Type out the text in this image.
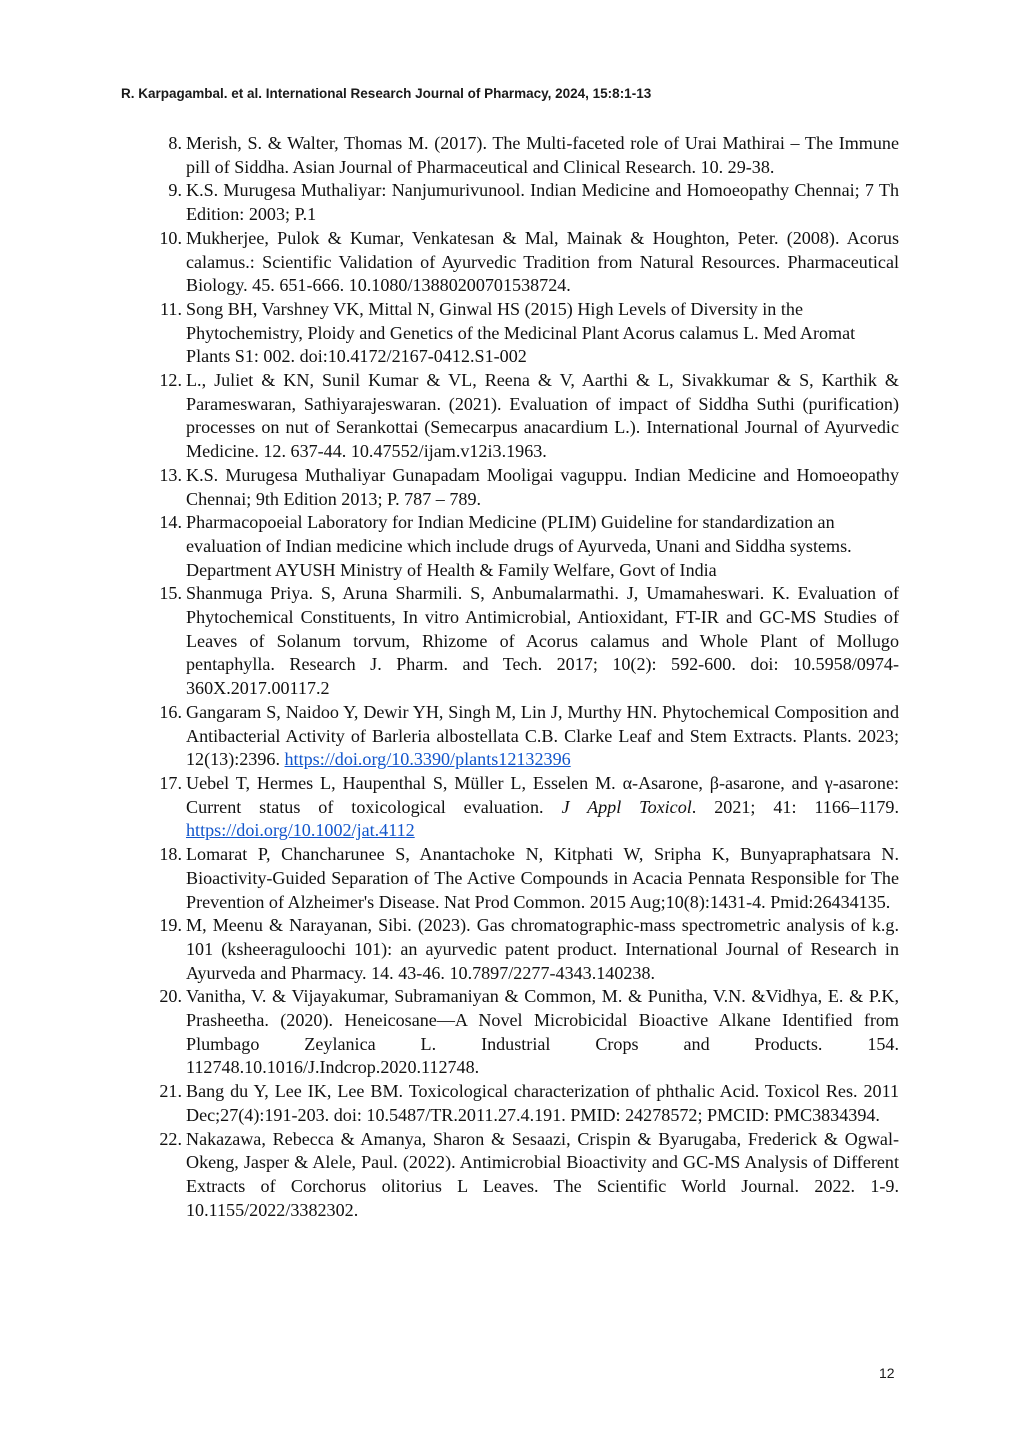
R. Karpagambal. et al. International Research Journal of Pharmacy, 2024, 15:8:1-13
8. Merish, S. & Walter, Thomas M. (2017). The Multi-faceted role of Urai Mathirai – The Immune pill of Siddha. Asian Journal of Pharmaceutical and Clinical Research. 10. 29-38.
9. K.S. Murugesa Muthaliyar: Nanjumurivunool. Indian Medicine and Homoeopathy Chennai; 7 Th Edition: 2003; P.1
10. Mukherjee, Pulok & Kumar, Venkatesan & Mal, Mainak & Houghton, Peter. (2008). Acorus calamus.: Scientific Validation of Ayurvedic Tradition from Natural Resources. Pharmaceutical Biology. 45. 651-666. 10.1080/13880200701538724.
11. Song BH, Varshney VK, Mittal N, Ginwal HS (2015) High Levels of Diversity in the Phytochemistry, Ploidy and Genetics of the Medicinal Plant Acorus calamus L. Med Aromat Plants S1: 002. doi:10.4172/2167-0412.S1-002
12. L., Juliet & KN, Sunil Kumar & VL, Reena & V, Aarthi & L, Sivakkumar & S, Karthik & Parameswaran, Sathiyarajeswaran. (2021). Evaluation of impact of Siddha Suthi (purification) processes on nut of Serankottai (Semecarpus anacardium L.). International Journal of Ayurvedic Medicine. 12. 637-44. 10.47552/ijam.v12i3.1963.
13. K.S. Murugesa Muthaliyar Gunapadam Mooligai vaguppu. Indian Medicine and Homoeopathy Chennai; 9th Edition 2013; P. 787 – 789.
14. Pharmacopoeial Laboratory for Indian Medicine (PLIM) Guideline for standardization an evaluation of Indian medicine which include drugs of Ayurveda, Unani and Siddha systems. Department AYUSH Ministry of Health & Family Welfare, Govt of India
15. Shanmuga Priya. S, Aruna Sharmili. S, Anbumalarmathi. J, Umamaheswari. K. Evaluation of Phytochemical Constituents, In vitro Antimicrobial, Antioxidant, FT-IR and GC-MS Studies of Leaves of Solanum torvum, Rhizome of Acorus calamus and Whole Plant of Mollugo pentaphylla. Research J. Pharm. and Tech. 2017; 10(2): 592-600. doi: 10.5958/0974-360X.2017.00117.2
16. Gangaram S, Naidoo Y, Dewir YH, Singh M, Lin J, Murthy HN. Phytochemical Composition and Antibacterial Activity of Barleria albostellata C.B. Clarke Leaf and Stem Extracts. Plants. 2023; 12(13):2396. https://doi.org/10.3390/plants12132396
17. Uebel T, Hermes L, Haupenthal S, Müller L, Esselen M. α-Asarone, β-asarone, and γ-asarone: Current status of toxicological evaluation. J Appl Toxicol. 2021; 41: 1166–1179. https://doi.org/10.1002/jat.4112
18. Lomarat P, Chancharunee S, Anantachoke N, Kitphati W, Sripha K, Bunyapraphatsara N. Bioactivity-Guided Separation of The Active Compounds in Acacia Pennata Responsible for The Prevention of Alzheimer's Disease. Nat Prod Common. 2015 Aug;10(8):1431-4. Pmid:26434135.
19. M, Meenu & Narayanan, Sibi. (2023). Gas chromatographic-mass spectrometric analysis of k.g. 101 (ksheeraguloochi 101): an ayurvedic patent product. International Journal of Research in Ayurveda and Pharmacy. 14. 43-46. 10.7897/2277-4343.140238.
20. Vanitha, V. & Vijayakumar, Subramaniyan & Common, M. & Punitha, V.N. &Vidhya, E. & P.K, Prasheetha. (2020). Heneicosane—A Novel Microbicidal Bioactive Alkane Identified from Plumbago Zeylanica L. Industrial Crops and Products. 154. 112748.10.1016/J.Indcrop.2020.112748.
21. Bang du Y, Lee IK, Lee BM. Toxicological characterization of phthalic Acid. Toxicol Res. 2011 Dec;27(4):191-203. doi: 10.5487/TR.2011.27.4.191. PMID: 24278572; PMCID: PMC3834394.
22. Nakazawa, Rebecca & Amanya, Sharon & Sesaazi, Crispin & Byarugaba, Frederick & Ogwal-Okeng, Jasper & Alele, Paul. (2022). Antimicrobial Bioactivity and GC-MS Analysis of Different Extracts of Corchorus olitorius L Leaves. The Scientific World Journal. 2022. 1-9. 10.1155/2022/3382302.
12
